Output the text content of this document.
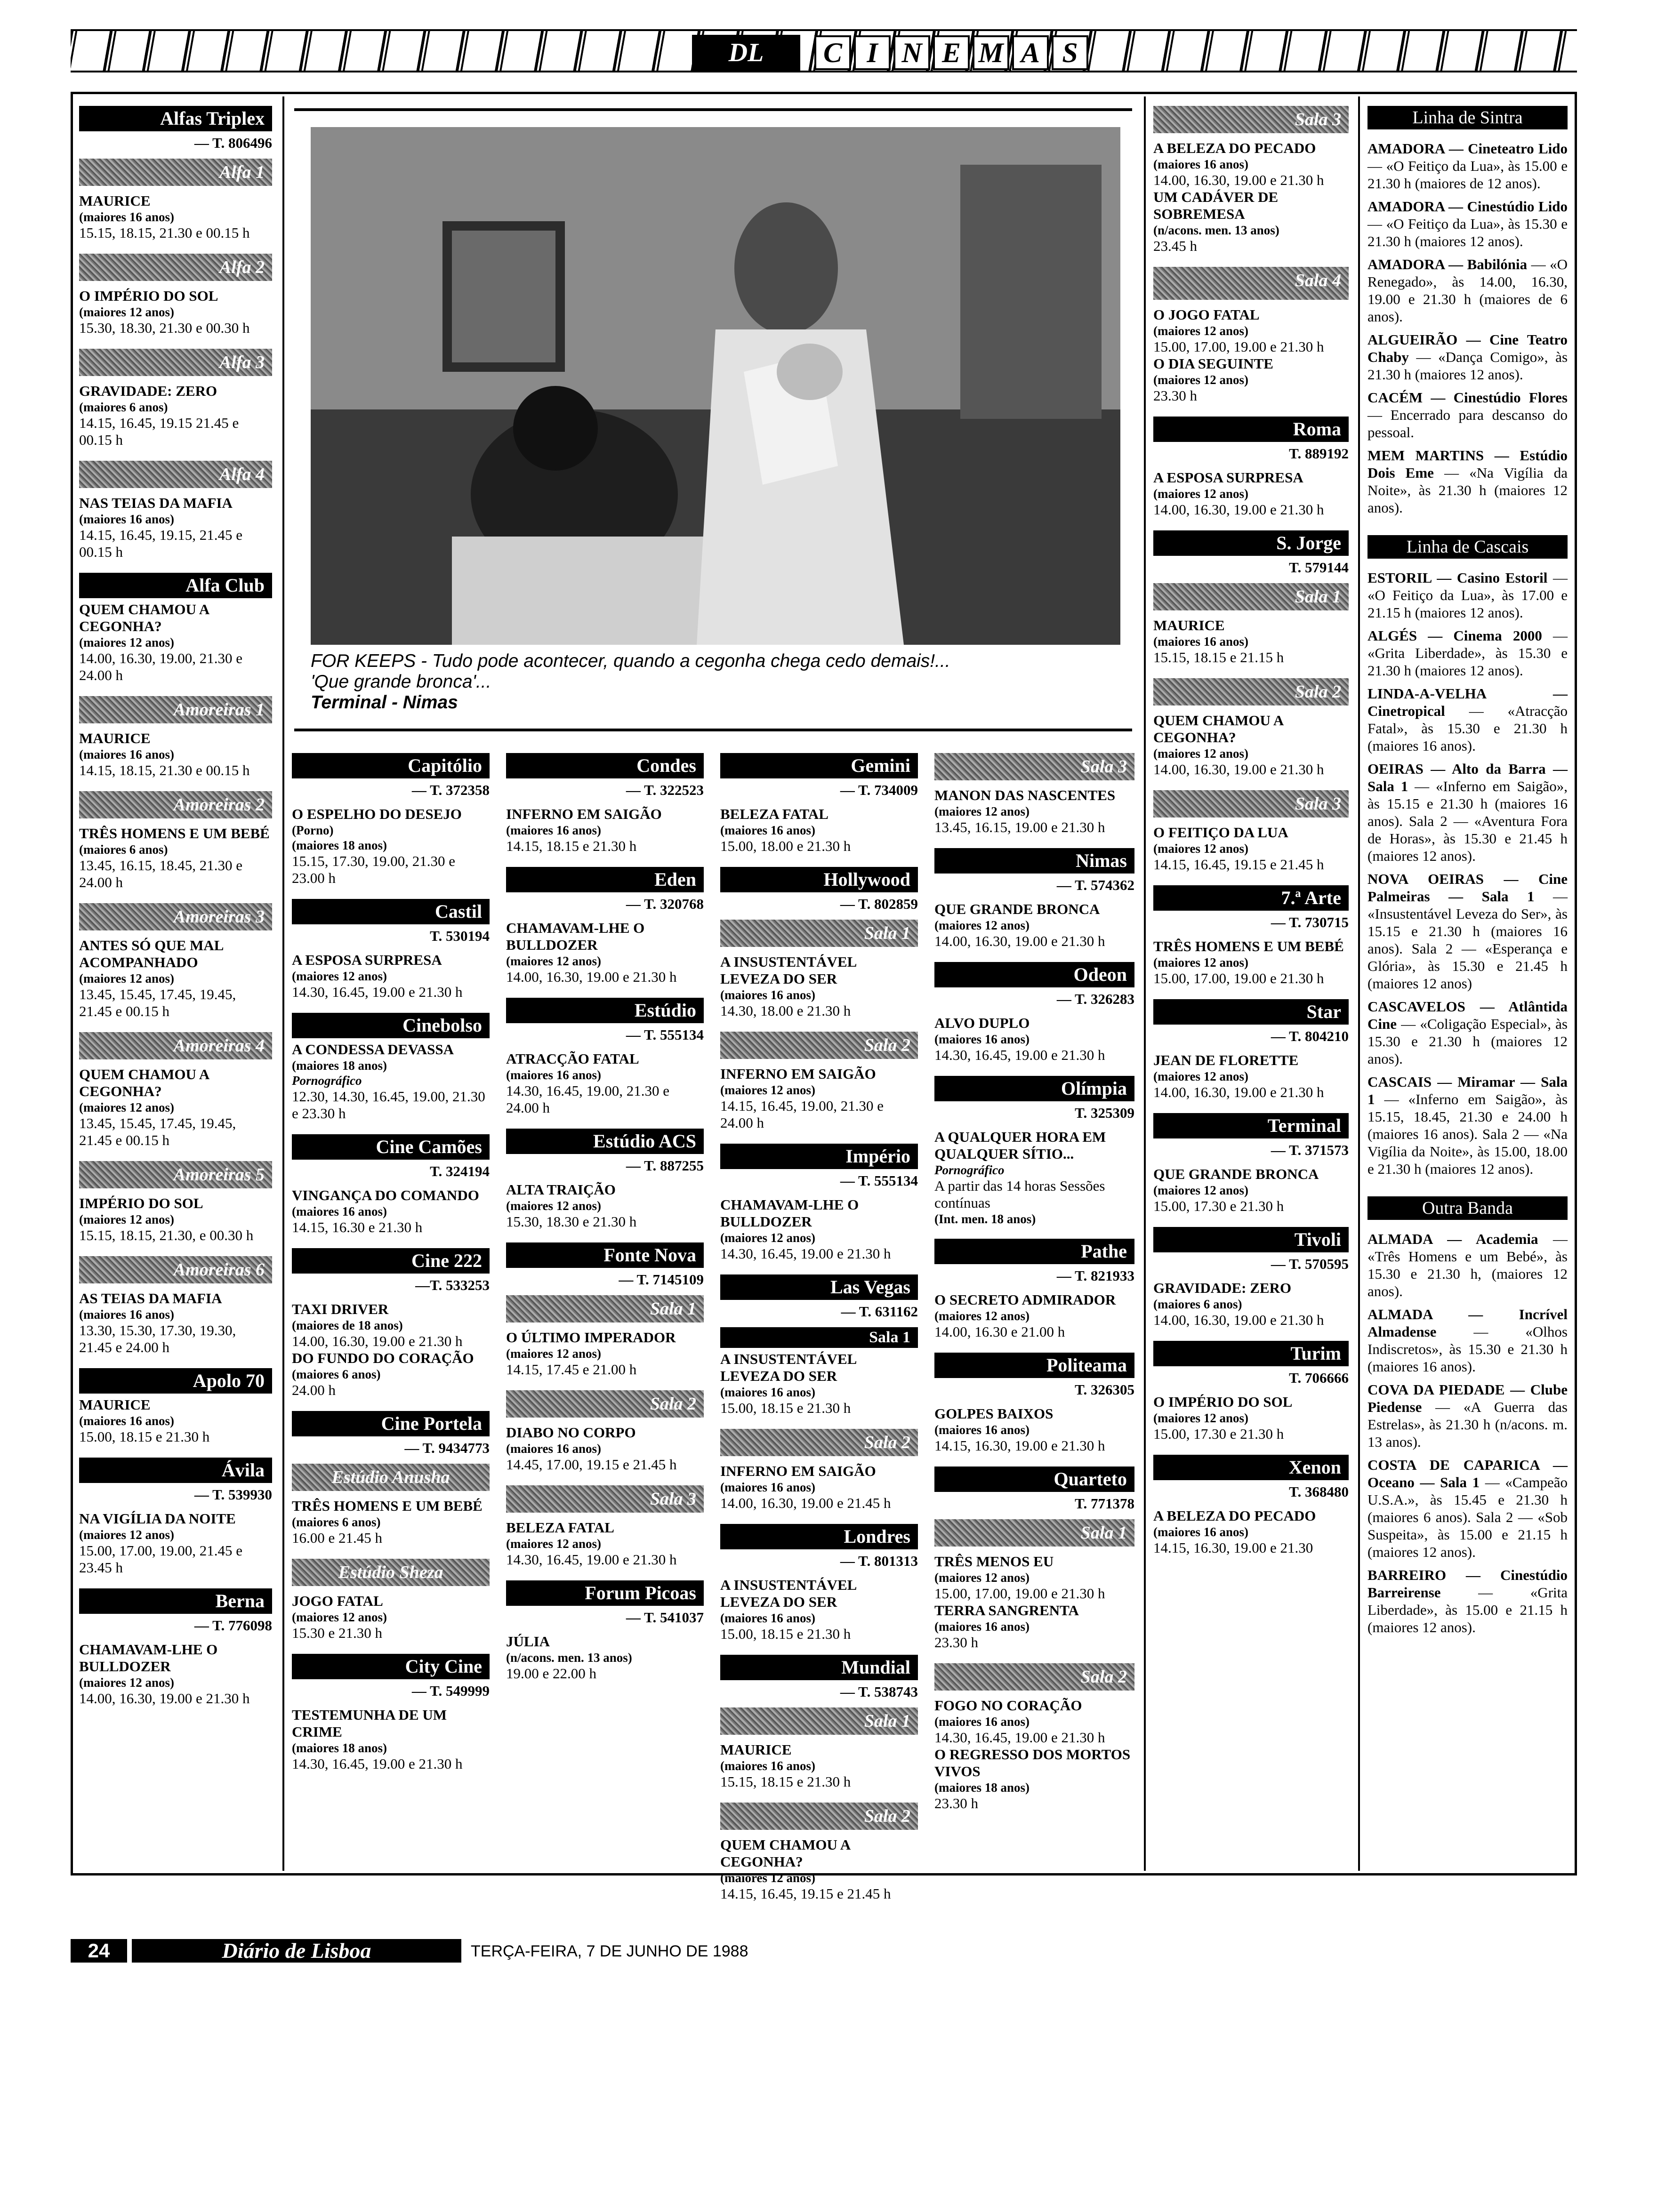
DL	C I N E M A S
FOR KEEPS - Tudo pode acontecer, quando a cegonha chega cedo demais!...
'Que grande bronca'...
Terminal - Nimas
Alfas Triplex
— T. 806496
Alfa 1
MAURICE
(maiores 16 anos)
15.15, 18.15, 21.30 e 00.15 h
Alfa 2
O IMPÉRIO DO SOL
(maiores 12 anos)
15.30, 18.30, 21.30 e 00.30 h
Alfa 3
GRAVIDADE: ZERO
(maiores 6 anos)
14.15, 16.45, 19.15 21.45 e 00.15 h
Alfa 4
NAS TEIAS DA MAFIA
(maiores 16 anos)
14.15, 16.45, 19.15, 21.45 e 00.15 h
Alfa Club
QUEM CHAMOU A CEGONHA?
(maiores 12 anos)
14.00, 16.30, 19.00, 21.30 e 24.00 h
Amoreiras 1
MAURICE
(maiores 16 anos)
14.15, 18.15, 21.30 e 00.15 h
Amoreiras 2
TRÊS HOMENS E UM BEBÉ
(maiores 6 anos)
13.45, 16.15, 18.45, 21.30 e 24.00 h
Amoreiras 3
ANTES SÓ QUE MAL ACOMPANHADO
(maiores 12 anos)
13.45, 15.45, 17.45, 19.45, 21.45 e 00.15 h
Amoreiras 4
QUEM CHAMOU A CEGONHA?
(maiores 12 anos)
13.45, 15.45, 17.45, 19.45, 21.45 e 00.15 h
Amoreiras 5
IMPÉRIO DO SOL
(maiores 12 anos)
15.15, 18.15, 21.30, e 00.30 h
Amoreiras 6
AS TEIAS DA MAFIA
(maiores 16 anos)
13.30, 15.30, 17.30, 19.30, 21.45 e 24.00 h
Apolo 70
MAURICE
(maiores 16 anos)
15.00, 18.15 e 21.30 h
Ávila
— T. 539930
NA VIGÍLIA DA NOITE
(maiores 12 anos)
15.00, 17.00, 19.00, 21.45 e 23.45 h
Berna
— T. 776098
CHAMAVAM-LHE O BULLDOZER
(maiores 12 anos)
14.00, 16.30, 19.00 e 21.30 h
Capitólio
— T. 372358
O ESPELHO DO DESEJO
(Porno)
(maiores 18 anos)
15.15, 17.30, 19.00, 21.30 e 23.00 h
Castil
T. 530194
A ESPOSA SURPRESA
(maiores 12 anos)
14.30, 16.45, 19.00 e 21.30 h
Cinebolso
A CONDESSA DEVASSA
(maiores 18 anos)
Pornográfico
12.30, 14.30, 16.45, 19.00, 21.30 e 23.30 h
Cine Camões
T. 324194
VINGANÇA DO COMANDO
(maiores 16 anos)
14.15, 16.30 e 21.30 h
Cine 222
—T. 533253
TAXI DRIVER
(maiores de 18 anos)
14.00, 16.30, 19.00 e 21.30 h
DO FUNDO DO CORAÇÃO
(maiores 6 anos)
24.00 h
Cine Portela
— T. 9434773
Estúdio Anusha
TRÊS HOMENS E UM BEBÉ
(maiores 6 anos)
16.00 e 21.45 h
Estúdio Sheza
JOGO FATAL
(maiores 12 anos)
15.30 e 21.30 h
City Cine
— T. 549999
TESTEMUNHA DE UM CRIME
(maiores 18 anos)
14.30, 16.45, 19.00 e 21.30 h
Condes
— T. 322523
INFERNO EM SAIGÃO
(maiores 16 anos)
14.15, 18.15 e 21.30 h
Eden
— T. 320768
CHAMAVAM-LHE O BULLDOZER
(maiores 12 anos)
14.00, 16.30, 19.00 e 21.30 h
Estúdio
— T. 555134
ATRACÇÃO FATAL
(maiores 16 anos)
14.30, 16.45, 19.00, 21.30 e 24.00 h
Estúdio ACS
— T. 887255
ALTA TRAIÇÃO
(maiores 12 anos)
15.30, 18.30 e 21.30 h
Fonte Nova
— T. 7145109
Sala 1
O ÚLTIMO IMPERADOR
(maiores 12 anos)
14.15, 17.45 e 21.00 h
Sala 2
DIABO NO CORPO
(maiores 16 anos)
14.45, 17.00, 19.15 e 21.45 h
Sala 3
BELEZA FATAL
(maiores 12 anos)
14.30, 16.45, 19.00 e 21.30 h
Forum Picoas
— T. 541037
JÚLIA
(n/acons. men. 13 anos)
19.00 e 22.00 h
Gemini
— T. 734009
BELEZA FATAL
(maiores 16 anos)
15.00, 18.00 e 21.30 h
Hollywood
— T. 802859
Sala 1
A INSUSTENTÁVEL LEVEZA DO SER
(maiores 16 anos)
14.30, 18.00 e 21.30 h
Sala 2
INFERNO EM SAIGÃO
(maiores 12 anos)
14.15, 16.45, 19.00, 21.30 e 24.00 h
Império
— T. 555134
CHAMAVAM-LHE O BULLDOZER
(maiores 12 anos)
14.30, 16.45, 19.00 e 21.30 h
Las Vegas
— T. 631162
Sala 1
A INSUSTENTÁVEL LEVEZA DO SER
(maiores 16 anos)
15.00, 18.15 e 21.30 h
Sala 2
INFERNO EM SAIGÃO
(maiores 16 anos)
14.00, 16.30, 19.00 e 21.45 h
Londres
— T. 801313
A INSUSTENTÁVEL LEVEZA DO SER
(maiores 16 anos)
15.00, 18.15 e 21.30 h
Mundial
— T. 538743
Sala 1
MAURICE
(maiores 16 anos)
15.15, 18.15 e 21.30 h
Sala 2
QUEM CHAMOU A CEGONHA?
(maiores 12 anos)
14.15, 16.45, 19.15 e 21.45 h
Sala 3
MANON DAS NASCENTES
(maiores 12 anos)
13.45, 16.15, 19.00 e 21.30 h
Nimas
— T. 574362
QUE GRANDE BRONCA
(maiores 12 anos)
14.00, 16.30, 19.00 e 21.30 h
Odeon
— T. 326283
ALVO DUPLO
(maiores 16 anos)
14.30, 16.45, 19.00 e 21.30 h
Olímpia
T. 325309
A QUALQUER HORA EM QUALQUER SÍTIO...
Pornográfico
A partir das 14 horas Sessões contínuas
(Int. men. 18 anos)
Pathe
— T. 821933
O SECRETO ADMIRADOR
(maiores 12 anos)
14.00, 16.30 e 21.00 h
Politeama
T. 326305
GOLPES BAIXOS
(maiores 16 anos)
14.15, 16.30, 19.00 e 21.30 h
Quarteto
T. 771378
Sala 1
TRÊS MENOS EU
(maiores 12 anos)
15.00, 17.00, 19.00 e 21.30 h
TERRA SANGRENTA
(maiores 16 anos)
23.30 h
Sala 2
FOGO NO CORAÇÃO
(maiores 16 anos)
14.30, 16.45, 19.00 e 21.30 h
O REGRESSO DOS MORTOS VIVOS
(maiores 18 anos)
23.30 h
Sala 3
A BELEZA DO PECADO
(maiores 16 anos)
14.00, 16.30, 19.00 e 21.30 h
UM CADÁVER DE SOBREMESA
(n/acons. men. 13 anos)
23.45 h
Sala 4
O JOGO FATAL
(maiores 12 anos)
15.00, 17.00, 19.00 e 21.30 h
O DIA SEGUINTE
(maiores 12 anos)
23.30 h
Roma
T. 889192
A ESPOSA SURPRESA
(maiores 12 anos)
14.00, 16.30, 19.00 e 21.30 h
S. Jorge
T. 579144
Sala 1
MAURICE
(maiores 16 anos)
15.15, 18.15 e 21.15 h
Sala 2
QUEM CHAMOU A CEGONHA?
(maiores 12 anos)
14.00, 16.30, 19.00 e 21.30 h
Sala 3
O FEITIÇO DA LUA
(maiores 12 anos)
14.15, 16.45, 19.15 e 21.45 h
7.ª Arte
— T. 730715
TRÊS HOMENS E UM BEBÉ
(maiores 12 anos)
15.00, 17.00, 19.00 e 21.30 h
Star
— T. 804210
JEAN DE FLORETTE
(maiores 12 anos)
14.00, 16.30, 19.00 e 21.30 h
Terminal
— T. 371573
QUE GRANDE BRONCA
(maiores 12 anos)
15.00, 17.30 e 21.30 h
Tivoli
— T. 570595
GRAVIDADE: ZERO
(maiores 6 anos)
14.00, 16.30, 19.00 e 21.30 h
Turim
T. 706666
O IMPÉRIO DO SOL
(maiores 12 anos)
15.00, 17.30 e 21.30 h
Xenon
T. 368480
A BELEZA DO PECADO
(maiores 16 anos)
14.15, 16.30, 19.00 e 21.30
Linha de Sintra
AMADORA — Cineteatro Lido — «O Feitiço da Lua», às 15.00 e 21.30 h (maiores de 12 anos).
AMADORA — Cinestúdio Lido — «O Feitiço da Lua», às 15.30 e 21.30 h (maiores 12 anos).
AMADORA — Babilónia — «O Renegado», às 14.00, 16.30, 19.00 e 21.30 h (maiores de 6 anos).
ALGUEIRÃO — Cine Teatro Chaby — «Dança Comigo», às 21.30 h (maiores 12 anos).
CACÉM — Cinestúdio Flores — Encerrado para descanso do pessoal.
MEM MARTINS — Estúdio Dois Eme — «Na Vigília da Noite», às 21.30 h (maiores 12 anos).
Linha de Cascais
ESTORIL — Casino Estoril — «O Feitiço da Lua», às 17.00 e 21.15 h (maiores 12 anos).
ALGÉS — Cinema 2000 — «Grita Liberdade», às 15.30 e 21.30 h (maiores 12 anos).
LINDA-A-VELHA — Cinetropical — «Atracção Fatal», às 15.30 e 21.30 h (maiores 16 anos).
OEIRAS — Alto da Barra — Sala 1 — «Inferno em Saigão», às 15.15 e 21.30 h (maiores 16 anos). Sala 2 — «Aventura Fora de Horas», às 15.30 e 21.45 h (maiores 12 anos).
NOVA OEIRAS — Cine Palmeiras — Sala 1 — «Insustentável Leveza do Ser», às 15.15 e 21.30 h (maiores 16 anos). Sala 2 — «Esperança e Glória», às 15.30 e 21.45 h (maiores 12 anos)
CASCAVELOS — Atlântida Cine — «Coligação Especial», às 15.30 e 21.30 h (maiores 12 anos).
CASCAIS — Miramar — Sala 1 — «Inferno em Saigão», às 15.15, 18.45, 21.30 e 24.00 h (maiores 16 anos). Sala 2 — «Na Vigília da Noite», às 15.00, 18.00 e 21.30 h (maiores 12 anos).
Outra Banda
ALMADA — Academia — «Três Homens e um Bebé», às 15.30 e 21.30 h, (maiores 12 anos).
ALMADA — Incrível Almadense	— «Olhos Indiscretos», às 15.30 e 21.30 h (maiores 16 anos).
COVA DA PIEDADE — Clube Piedense — «A Guerra das Estrelas», às 21.30 h (n/acons. m. 13 anos).
COSTA DE CAPARICA — Oceano — Sala 1 — «Campeão U.S.A.», às 15.45 e 21.30 h (maiores 6 anos). Sala 2 — «Sob Suspeita», às 15.00 e 21.15 h (maiores 12 anos).
BARREIRO — Cinestúdio Barreirense	— «Grita Liberdade», às 15.00 e 21.15 h (maiores 12 anos).
24	Diário de Lisboa	TERÇA-FEIRA, 7 DE JUNHO DE 1988
